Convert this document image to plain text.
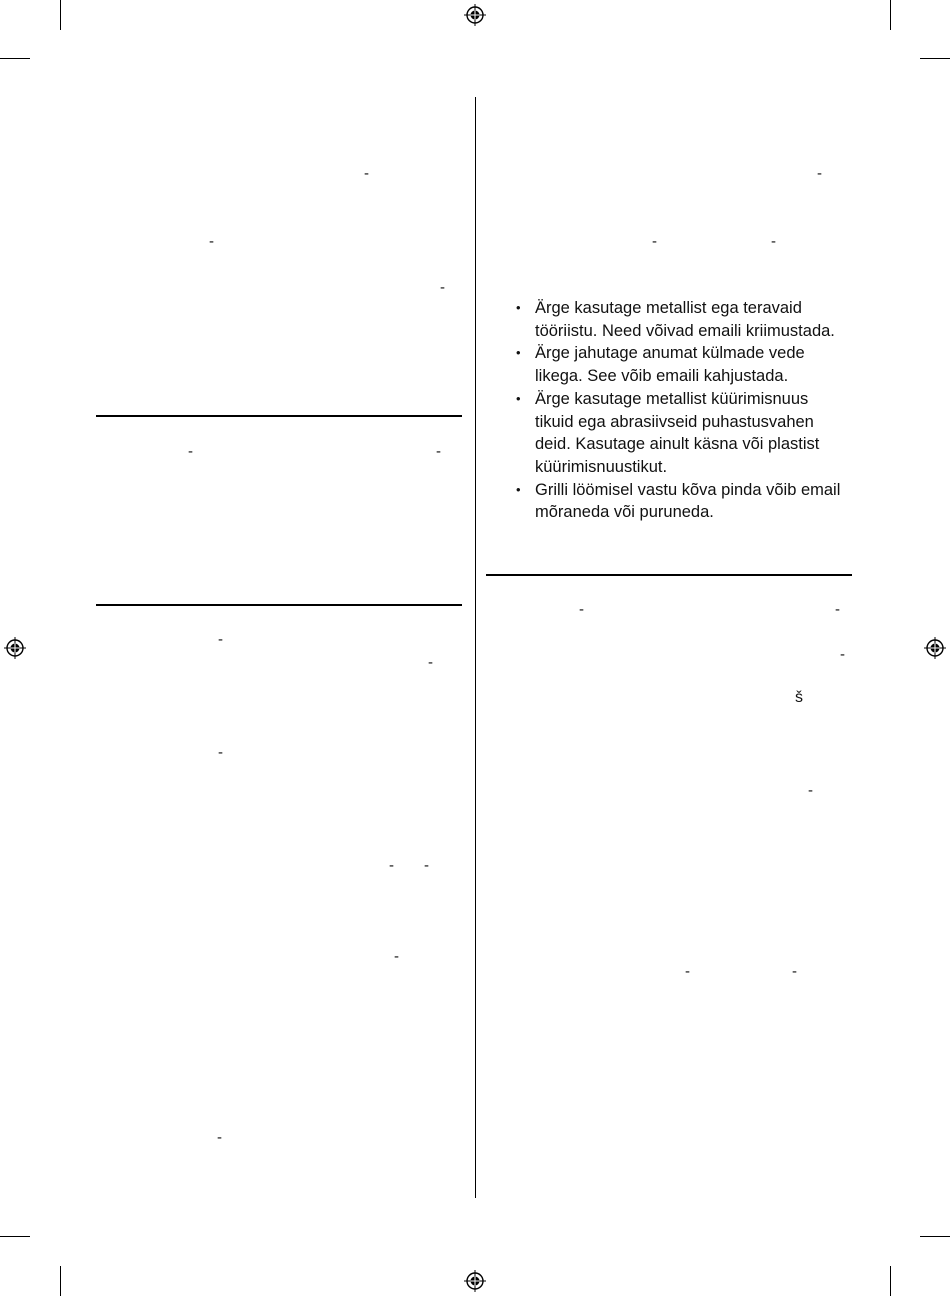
-
-
-
-	-
-
-
-
- -
-
-
-
-	-
-	-
-
š
-
-	-
• Ärge kasutage metallist ega teravaid
tööriistu. Need võivad emaili kriimustada.
• Ärge jahutage anumat külmade vede
likega. See võib emaili kahjustada.
• Ärge kasutage metallist küürimisnuus
tikuid ega abrasiivseid puhastusvahen
deid. Kasutage ainult käsna või plastist
küürimisnuustikut.
• Grilli löömisel vastu kõva pinda võib email
mõraneda või puruneda.
